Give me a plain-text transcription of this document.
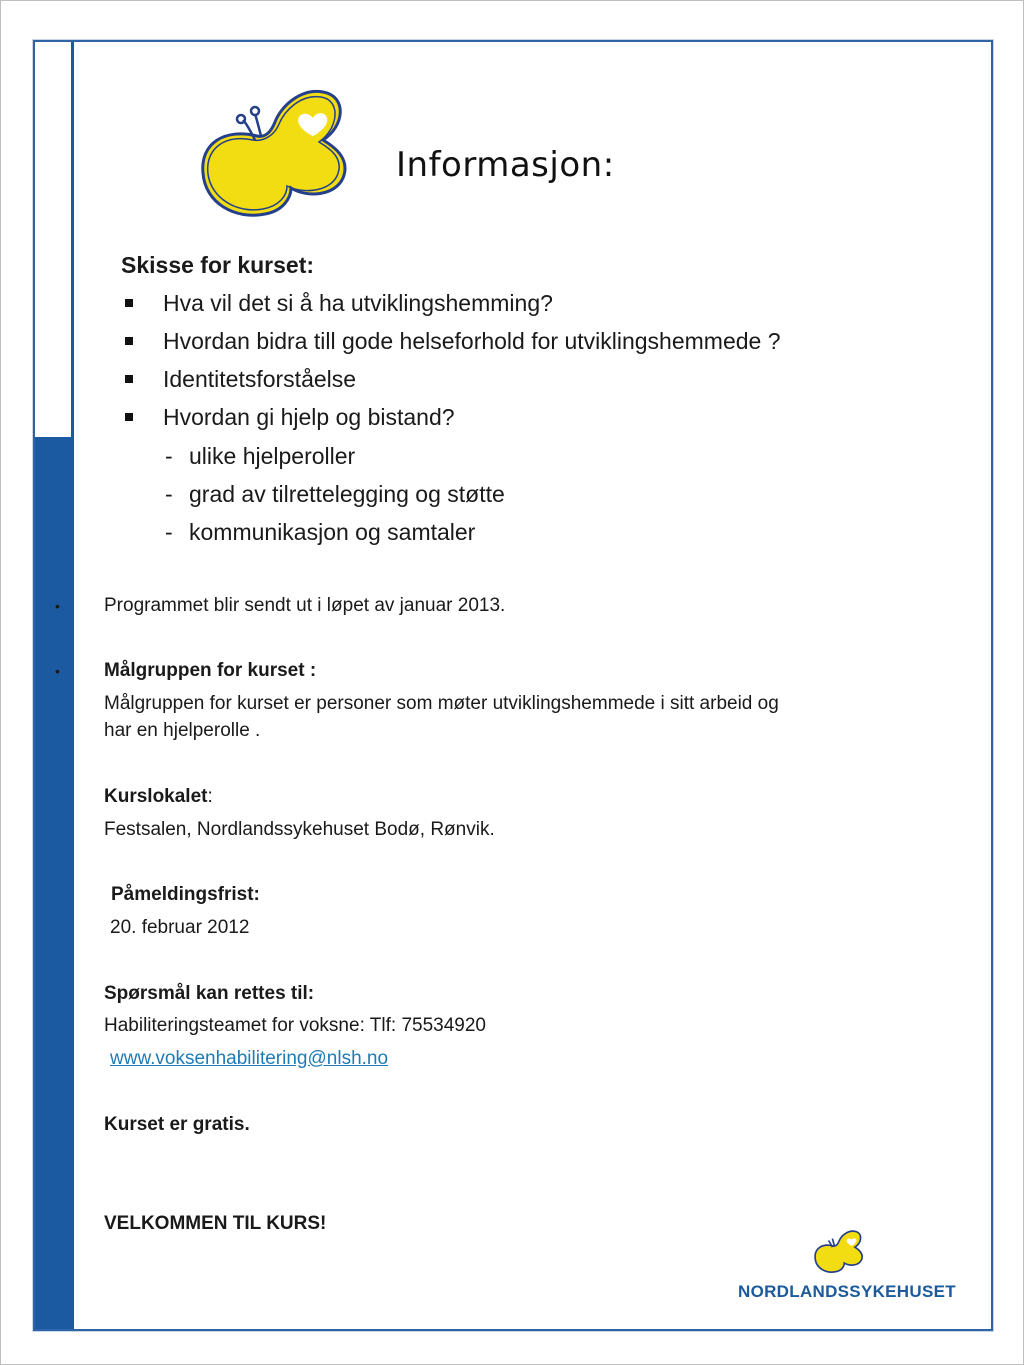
Informasjon:
Skisse for kurset:
Hva vil det si å ha utviklingshemming?
Hvordan bidra till gode helseforhold for utviklingshemmede ?
Identitetsforståelse
Hvordan gi hjelp og bistand?
- ulike hjelperoller
- grad av tilrettelegging og støtte
- kommunikasjon og samtaler
• Programmet blir sendt ut i løpet av januar 2013.
• Målgruppen for kurset :
Målgruppen for kurset er personer som møter utviklingshemmede i sitt arbeid og
har en hjelperolle .
Kurslokalet:
Festsalen, Nordlandssykehuset Bodø, Rønvik.
Påmeldingsfrist:
20. februar 2012
Spørsmål kan rettes til:
Habiliteringsteamet for voksne: Tlf: 75534920
www.voksenhabilitering@nlsh.no
Kurset er gratis.
VELKOMMEN TIL KURS!
NORDLANDSSYKEHUSET
